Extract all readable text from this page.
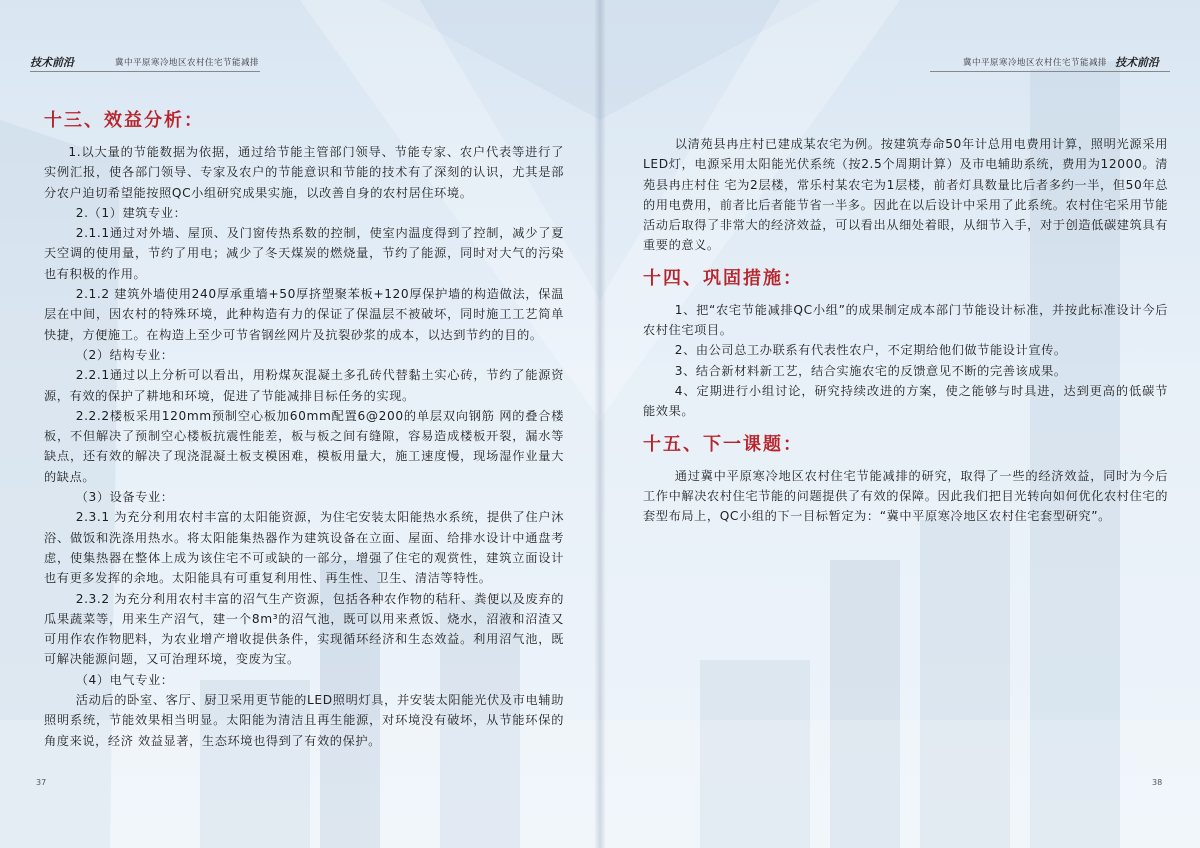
技术前沿	冀中平原寒冷地区农村住宅节能减排

十三、效益分析：

1.以大量的节能数据为依据，通过给节能主管部门领导、节能专家、农户代表等进行了实例汇报，使各部门领导、专家及农户的节能意识和节能的技术有了深刻的认识，尤其是部分农户迫切希望能按照QC小组研究成果实施，以改善自身的农村居住环境。

2.（1）建筑专业：

2.1.1通过对外墙、屋顶、及门窗传热系数的控制，使室内温度得到了控制，减少了夏天空调的使用量，节约了用电；减少了冬天煤炭的燃烧量，节约了能源，同时对大气的污染也有积极的作用。

2.1.2 建筑外墙使用240厚承重墙+50厚挤塑聚苯板+120厚保护墙的构造做法，保温层在中间，因农村的特殊环境，此种构造有力的保证了保温层不被破坏，同时施工工艺简单快捷，方便施工。在构造上至少可节省钢丝网片及抗裂砂浆的成本，以达到节约的目的。

（2）结构专业：

2.2.1通过以上分析可以看出，用粉煤灰混凝土多孔砖代替黏土实心砖，节约了能源资源，有效的保护了耕地和环境，促进了节能减排目标任务的实现。

2.2.2楼板采用120mm预制空心板加60mm配置6@200的单层双向钢筋 网的叠合楼板，不但解决了预制空心楼板抗震性能差，板与板之间有缝隙，容易造成楼板开裂，漏水等缺点，还有效的解决了现浇混凝土板支模困难，模板用量大，施工速度慢，现场湿作业量大的缺点。

（3）设备专业：

2.3.1 为充分利用农村丰富的太阳能资源，为住宅安装太阳能热水系统，提供了住户沐浴、做饭和洗涤用热水。将太阳能集热器作为建筑设备在立面、屋面、给排水设计中通盘考虑，使集热器在整体上成为该住宅不可或缺的一部分，增强了住宅的观赏性，建筑立面设计也有更多发挥的余地。太阳能具有可重复利用性、再生性、卫生、清洁等特性。

2.3.2 为充分利用农村丰富的沼气生产资源，包括各种农作物的秸秆、粪便以及废弃的瓜果蔬菜等，用来生产沼气，建一个8m³的沼气池，既可以用来煮饭、烧水，沼液和沼渣又可用作农作物肥料，为农业增产增收提供条件，实现循环经济和生态效益。利用沼气池，既可解决能源问题，又可治理环境，变废为宝。

（4）电气专业：

活动后的卧室、客厅、厨卫采用更节能的LED照明灯具，并安装太阳能光伏及市电辅助照明系统，节能效果相当明显。太阳能为清洁且再生能源，对环境没有破坏，从节能环保的角度来说，经济 效益显著，生态环境也得到了有效的保护。

37
冀中平原寒冷地区农村住宅节能减排 技术前沿

以清苑县冉庄村已建成某农宅为例。按建筑寿命50年计总用电费用计算，照明光源采用LED灯，电源采用太阳能光伏系统（按2.5个周期计算）及市电辅助系统，费用为12000。清苑县冉庄村住 宅为2层楼，常乐村某农宅为1层楼，前者灯具数量比后者多约一半，但50年总的用电费用，前者比后者能节省一半多。因此在以后设计中采用了此系统。农村住宅采用节能活动后取得了非常大的经济效益，可以看出从细处着眼，从细节入手，对于创造低碳建筑具有重要的意义。

十四、巩固措施：

1、把“农宅节能减排QC小组”的成果制定成本部门节能设计标准，并按此标准设计今后农村住宅项目。

2、由公司总工办联系有代表性农户，不定期给他们做节能设计宣传。

3、结合新材料新工艺，结合实施农宅的反馈意见不断的完善该成果。

4、定期进行小组讨论，研究持续改进的方案，使之能够与时具进，达到更高的低碳节能效果。

十五、下一课题：

通过冀中平原寒冷地区农村住宅节能减排的研究，取得了一些的经济效益，同时为今后工作中解决农村住宅节能的问题提供了有效的保障。因此我们把目光转向如何优化农村住宅的套型布局上，QC小组的下一目标暂定为：“冀中平原寒冷地区农村住宅套型研究”。

38
